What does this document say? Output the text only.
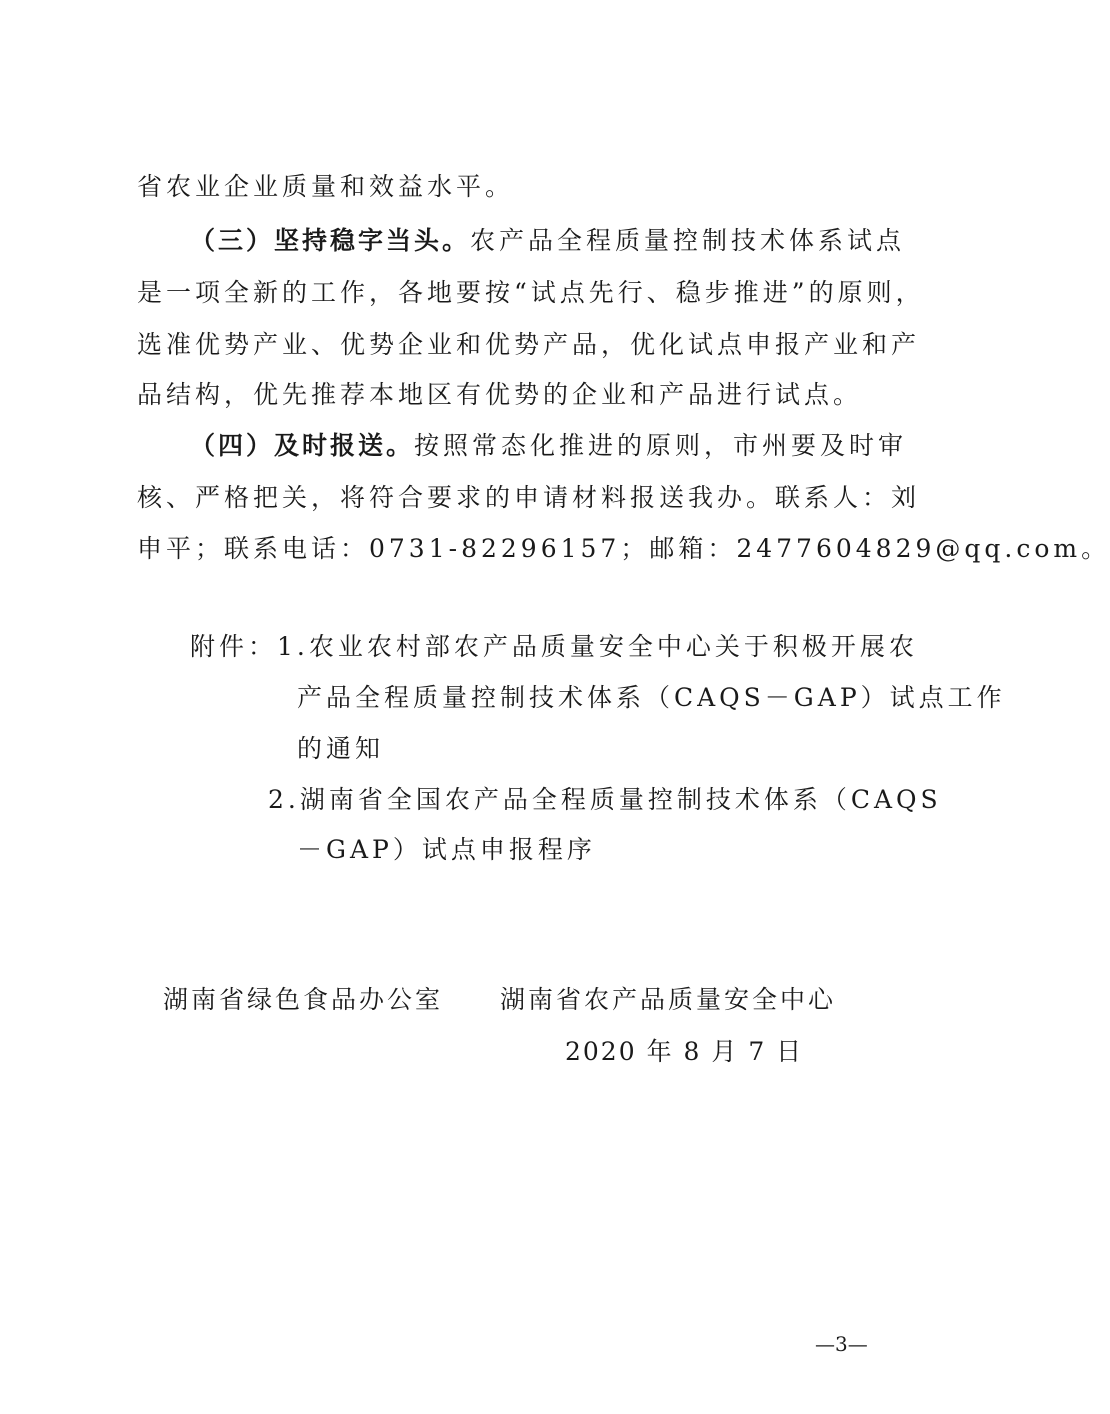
省农业企业质量和效益水平。
（三）坚持稳字当头。农产品全程质量控制技术体系试点
是一项全新的工作，各地要按“试点先行、稳步推进”的原则，
选准优势产业、优势企业和优势产品，优化试点申报产业和产
品结构，优先推荐本地区有优势的企业和产品进行试点。
（四）及时报送。按照常态化推进的原则，市州要及时审
核、严格把关，将符合要求的申请材料报送我办。联系人：刘
申平；联系电话：0731-82296157；邮箱：2477604829@qq.com。
附件：1.农业农村部农产品质量安全中心关于积极开展农
产品全程质量控制技术体系（CAQS－GAP）试点工作
的通知
2.湖南省全国农产品全程质量控制技术体系（CAQS
－GAP）试点申报程序
湖南省绿色食品办公室 湖南省农产品质量安全中心
2020 年 8 月 7 日
—3—
